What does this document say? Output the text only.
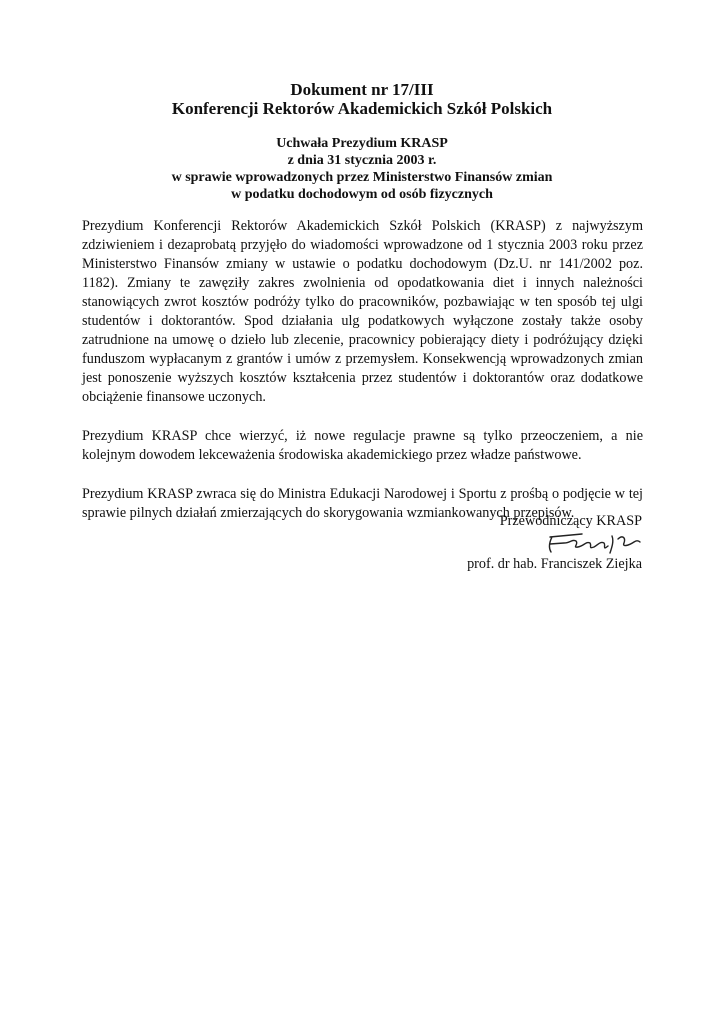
Dokument nr 17/III

Konferencji Rektorów Akademickich Szkół Polskich

Uchwała Prezydium KRASP

z dnia 31 stycznia 2003 r.

w sprawie wprowadzonych przez Ministerstwo Finansów zmian

w podatku dochodowym od osób fizycznych

Prezydium Konferencji Rektorów Akademickich Szkół Polskich (KRASP) z najwyższym zdziwieniem i dezaprobatą przyjęło do wiadomości wprowadzone od 1 stycznia 2003 roku przez Ministerstwo Finansów zmiany w ustawie o podatku dochodowym (Dz.U. nr 141/2002 poz. 1182). Zmiany te zawęziły zakres zwolnienia od opodatkowania diet i innych należności stanowiących zwrot kosztów podróży tylko do pracowników, pozbawiając w ten sposób tej ulgi studentów i doktorantów. Spod działania ulg podatkowych wyłączone zostały także osoby zatrudnione na umowę o dzieło lub zlecenie, pracownicy pobierający diety i podróżujący dzięki funduszom wypłacanym z grantów i umów z przemysłem. Konsekwencją wprowadzonych zmian jest ponoszenie wyższych kosztów kształcenia przez studentów i doktorantów oraz dodatkowe obciążenie finansowe uczonych.

Prezydium KRASP chce wierzyć, iż nowe regulacje prawne są tylko przeoczeniem, a nie kolejnym dowodem lekceważenia środowiska akademickiego przez władze państwowe.

Prezydium KRASP zwraca się do Ministra Edukacji Narodowej i Sportu z prośbą o podjęcie w tej sprawie pilnych działań zmierzających do skorygowania wzmiankowanych przepisów.

Przewodniczący KRASP

prof. dr hab. Franciszek Ziejka
